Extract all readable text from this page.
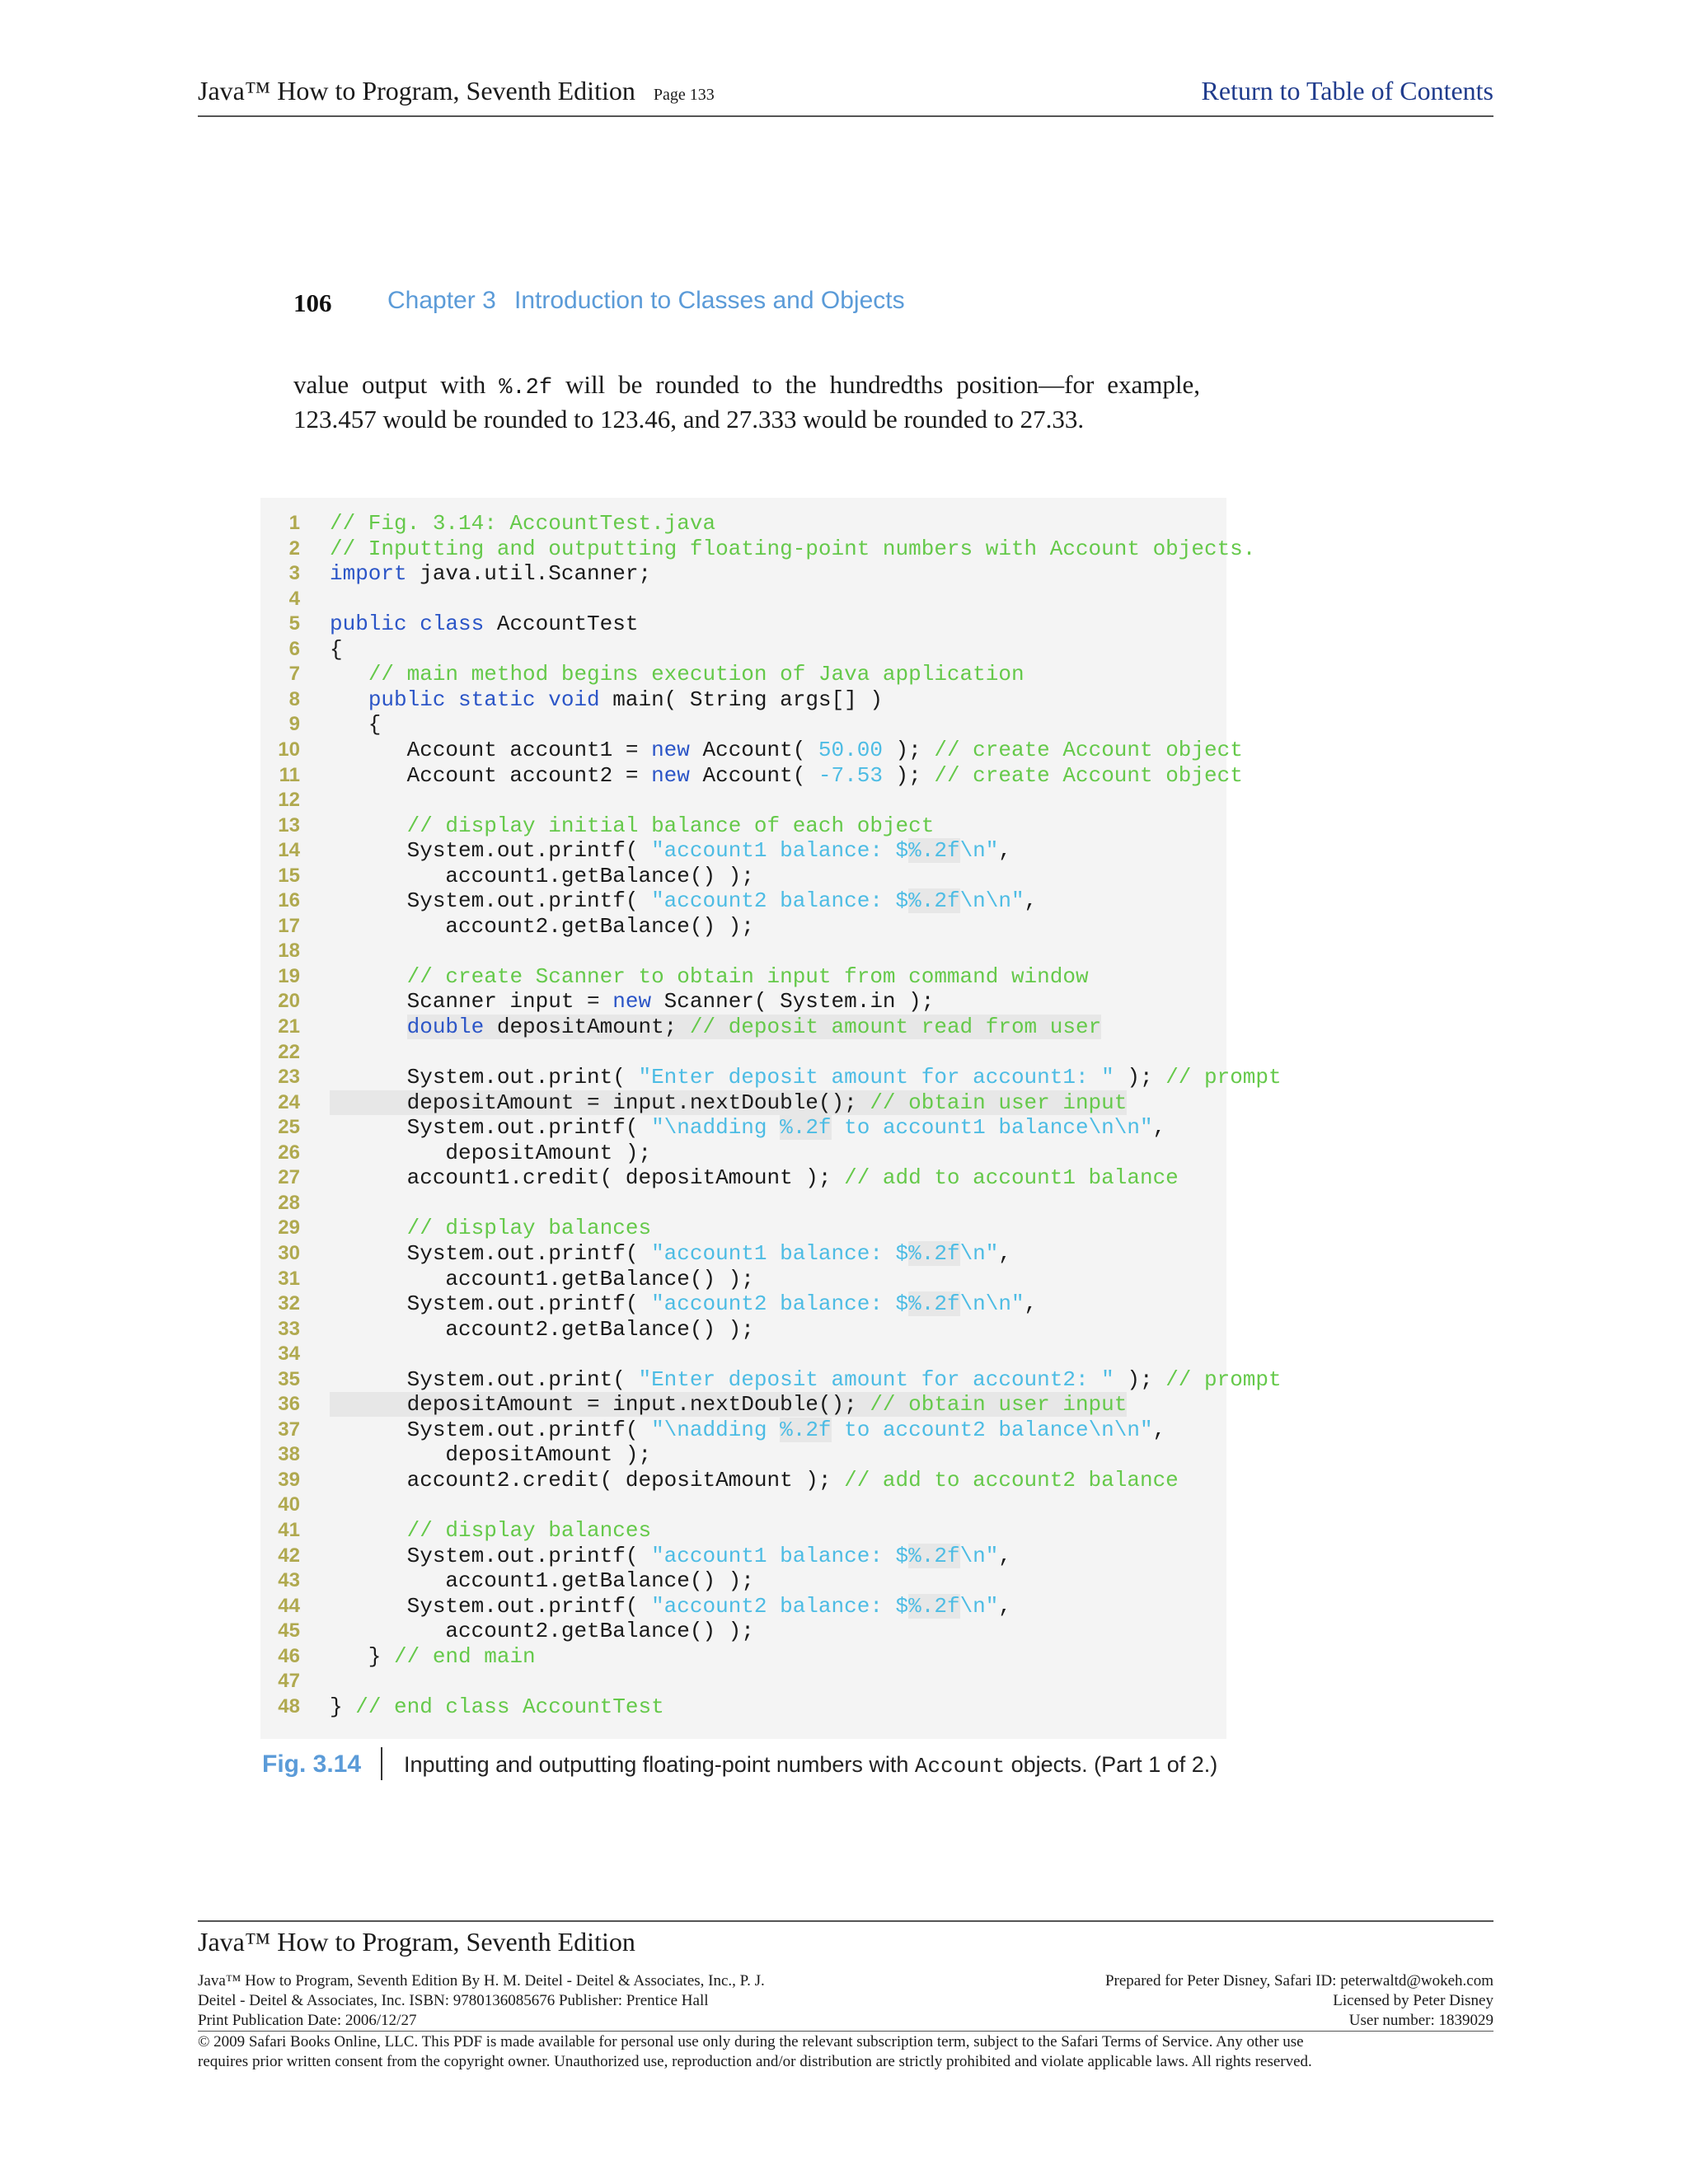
Java™ How to Program, Seventh Edition Page 133	Return to Table of Contents
106 Chapter 3 Introduction to Classes and Objects
value output with %.2f will be rounded to the hundredths position—for example,
123.457 would be rounded to 123.46, and 27.333 would be rounded to 27.33.
1 // Fig. 3.14: AccountTest.java
2 // Inputting and outputting floating-point numbers with Account objects.
3 import java.util.Scanner;
4
5 public class AccountTest
6 {
7	// main method begins execution of Java application
8	public static void main( String args[] )
9 {
10 Account account1 = new Account( 50.00 ); // create Account object
11 Account account2 = new Account( -7.53 ); // create Account object
12
13	// display initial balance of each object
14 System.out.printf( "account1 balance: $%.2f\n",
15 account1.getBalance() );
16 System.out.printf( "account2 balance: $%.2f\n\n",
17 account2.getBalance() );
18
19	// create Scanner to obtain input from command window
20 Scanner input = new Scanner( System.in );
21	double depositAmount; // deposit amount read from user
22
23 System.out.print( "Enter deposit amount for account1: " ); // prompt
24 depositAmount = input.nextDouble(); // obtain user input
25 System.out.printf( "\nadding %.2f to account1 balance\n\n",
26 depositAmount );
27 account1.credit( depositAmount ); // add to account1 balance
28
29	// display balances
30 System.out.printf( "account1 balance: $%.2f\n",
31 account1.getBalance() );
32 System.out.printf( "account2 balance: $%.2f\n\n",
33 account2.getBalance() );
34
35 System.out.print( "Enter deposit amount for account2: " ); // prompt
36 depositAmount = input.nextDouble(); // obtain user input
37 System.out.printf( "\nadding %.2f to account2 balance\n\n",
38 depositAmount );
39 account2.credit( depositAmount ); // add to account2 balance
40
41	// display balances
42 System.out.printf( "account1 balance: $%.2f\n",
43 account1.getBalance() );
44 System.out.printf( "account2 balance: $%.2f\n",
45 account2.getBalance() );
46 } // end main
47
48 } // end class AccountTest
Fig. 3.14 Inputting and outputting floating-point numbers with Account objects. (Part 1 of 2.)
Java™ How to Program, Seventh Edition
Java™ How to Program, Seventh Edition By H. M. Deitel - Deitel & Associates, Inc., P. J.
Deitel - Deitel & Associates, Inc. ISBN: 9780136085676 Publisher: Prentice Hall
Print Publication Date: 2006/12/27
Prepared for Peter Disney, Safari ID: peterwaltd@wokeh.com
Licensed by Peter Disney
User number: 1839029
© 2009 Safari Books Online, LLC. This PDF is made available for personal use only during the relevant subscription term, subject to the Safari Terms of Service. Any other use
requires prior written consent from the copyright owner. Unauthorized use, reproduction and/or distribution are strictly prohibited and violate applicable laws. All rights reserved.
